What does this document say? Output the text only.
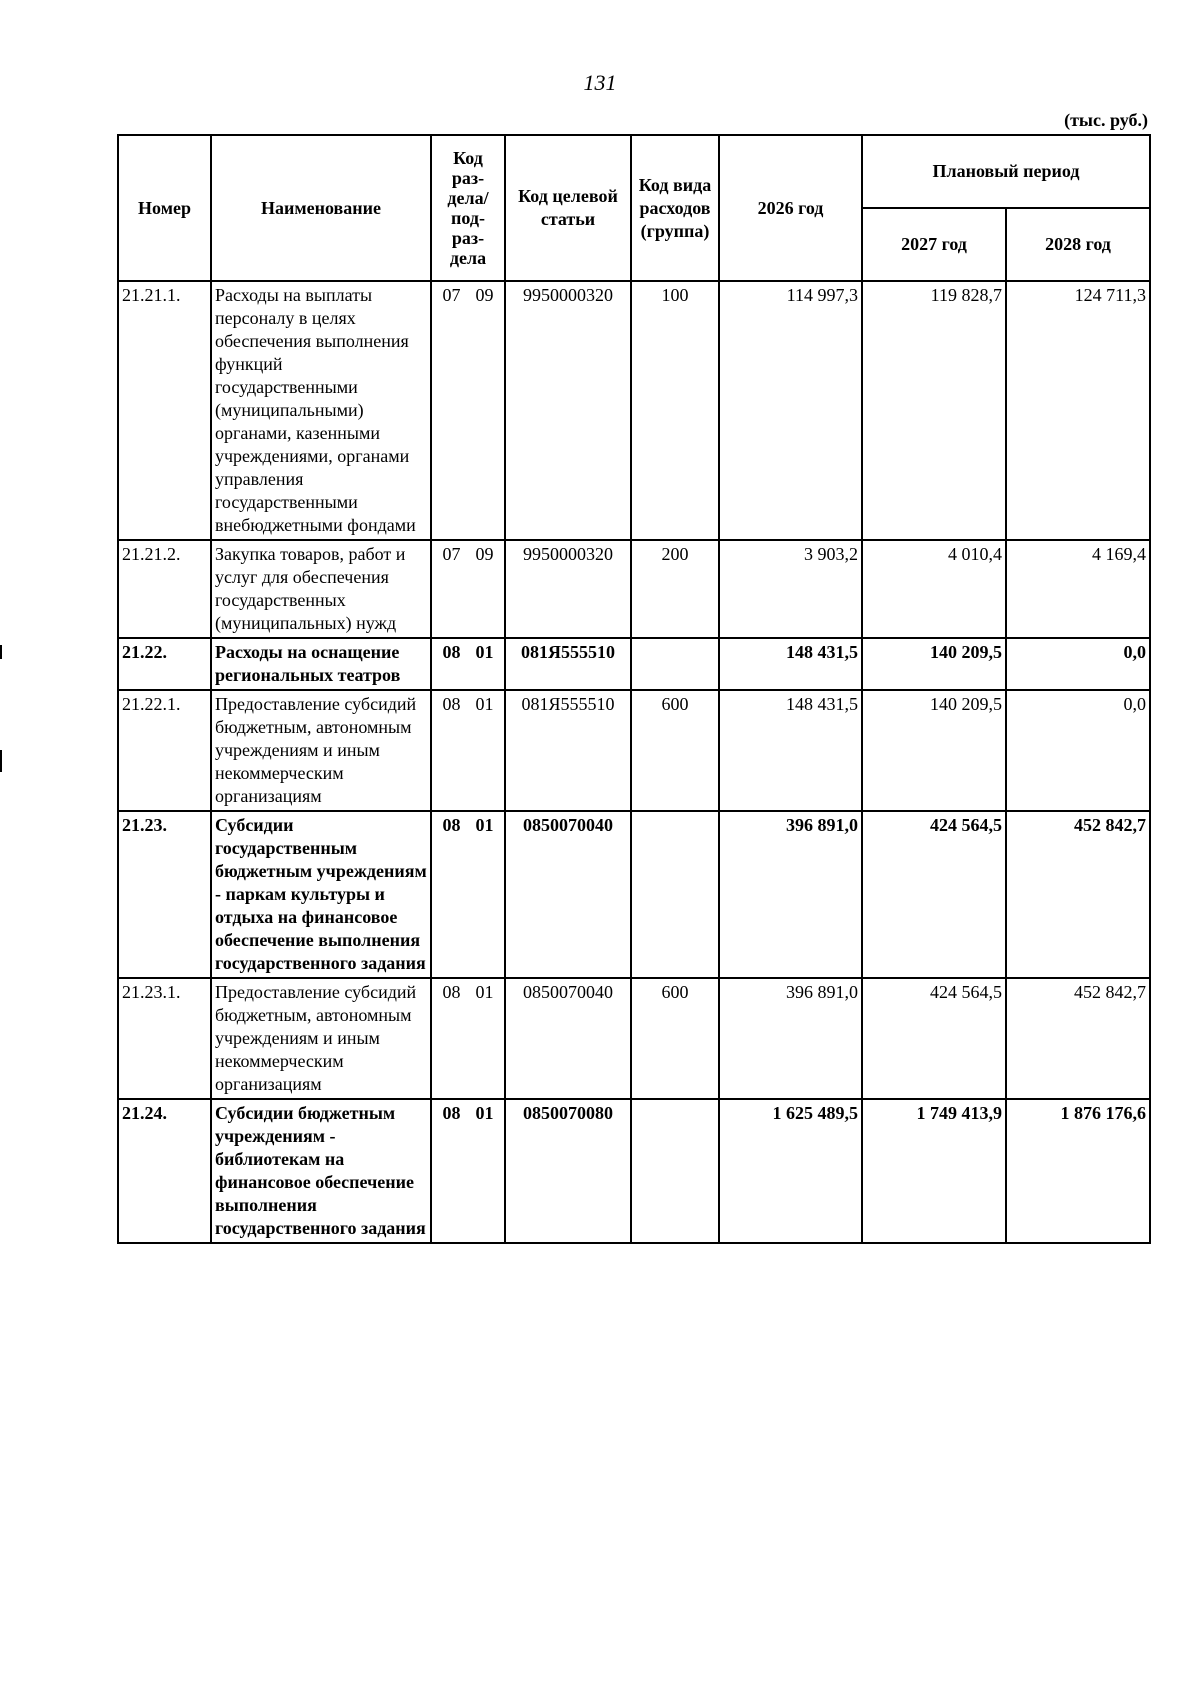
131
(тыс. руб.)
Номер	Наименование	Код раз-дела/ под-раз-дела	Код целевой статьи	Код вида расходов (группа)	2026 год	Плановый период	
						2027 год	2028 год
21.21.1.	Расходы на выплаты персоналу в целях обеспечения выполнения функций государственными (муниципальными) органами, казенными учреждениями, органами управления государственными внебюджетными фондами	07 09	9950000320	100	114 997,3	119 828,7	124 711,3
21.21.2.	Закупка товаров, работ и услуг для обеспечения государственных (муниципальных) нужд	07 09	9950000320	200	3 903,2	4 010,4	4 169,4
21.22.	Расходы на оснащение региональных театров	08 01	081Я555510		148 431,5	140 209,5	0,0
21.22.1.	Предоставление субсидий бюджетным, автономным учреждениям и иным некоммерческим организациям	08 01	081Я555510	600	148 431,5	140 209,5	0,0
21.23.	Субсидии государственным бюджетным учреждениям - паркам культуры и отдыха на финансовое обеспечение выполнения государственного задания	08 01	0850070040		396 891,0	424 564,5	452 842,7
21.23.1.	Предоставление субсидий бюджетным, автономным учреждениям и иным некоммерческим организациям	08 01	0850070040	600	396 891,0	424 564,5	452 842,7
21.24.	Субсидии бюджетным учреждениям - библиотекам на финансовое обеспечение выполнения государственного задания	08 01	0850070080		1 625 489,5	1 749 413,9	1 876 176,6
